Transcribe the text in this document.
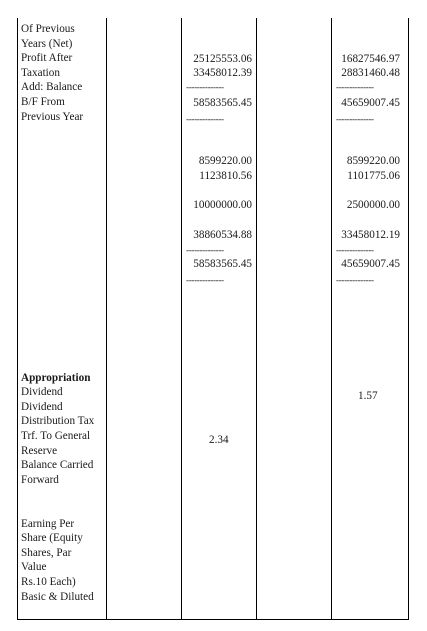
Of Previous
Years (Net)
Profit After
Taxation
Add: Balance
B/F From
Previous Year
Appropriation
Dividend
Dividend
Distribution Tax
Trf. To General
Reserve
Balance Carried
Forward
Earning Per
Share (Equity
Shares, Par
Value
Rs.10 Each)
Basic & Diluted
25125553.06
33458012.39
--------------
58583565.45
--------------
8599220.00
1123810.56
10000000.00
38860534.88
--------------
58583565.45
--------------
2.34
16827546.97
28831460.48
--------------
45659007.45
--------------
8599220.00
1101775.06
2500000.00
33458012.19
--------------
45659007.45
--------------
1.57
